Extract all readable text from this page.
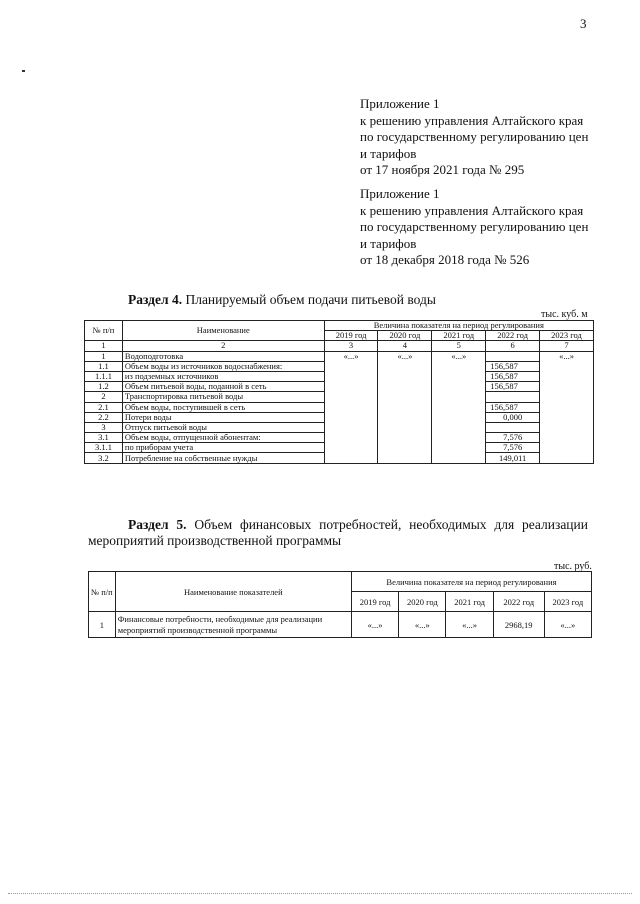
3
Приложение 1
к решению управления Алтайского края
по государственному регулированию цен
и тарифов
от 17 ноября 2021 года № 295
Приложение 1
к решению управления Алтайского края
по государственному регулированию цен
и тарифов
от 18 декабря 2018 года № 526
Раздел 4. Планируемый объем подачи питьевой воды
тыс. куб. м
№ п/п	Наименование	Величина показателя на период регулирования				
		2019 год	2020 год	2021 год	2022 год	2023 год
1	2	3	4	5	6	7
1	Водоподготовка	«...»	«...»	«...»		«...»
1.1	Объем воды из источников водоснабжения:				156,587	
1.1.1	из подземных источников				156,587	
1.2	Объем питьевой воды, поданной в сеть				156,587	
2	Транспортировка питьевой воды					
2.1	Объем воды, поступившей в сеть				156,587	
2.2	Потери воды				0,000	
3	Отпуск питьевой воды					
3.1	Объем воды, отпущенной абонентам:				7,576	
3.1.1	по приборам учета				7,576	
3.2	Потребление на собственные нужды				149,011	
Раздел 5. Объем финансовых потребностей, необходимых для реализации
мероприятий производственной программы
тыс. руб.
№ п/п	Наименование показателей	Величина показателя на период регулирования				
		2019 год	2020 год	2021 год	2022 год	2023 год
1	Финансовые потребности, необходимые для реализации
мероприятий производственной программы	«...»	«...»	«...»	2968,19	«...»
